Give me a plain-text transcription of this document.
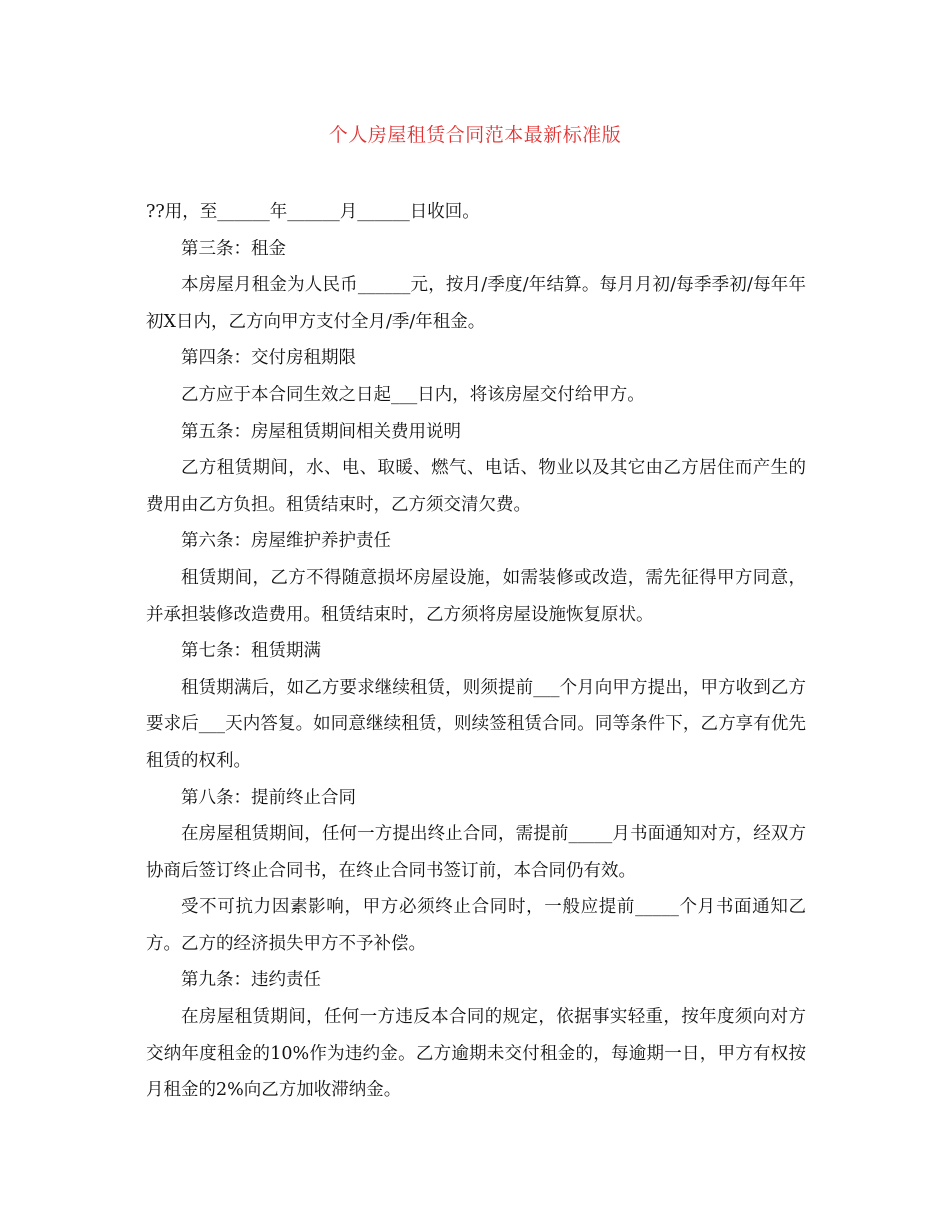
个人房屋租赁合同范本最新标准版

??用，至______年______月______日收回。

第三条：租金

本房屋月租金为人民币______元，按月/季度/年结算。每月月初/每季季初/每年年初X日内，乙方向甲方支付全月/季/年租金。

第四条：交付房租期限

乙方应于本合同生效之日起___日内，将该房屋交付给甲方。

第五条：房屋租赁期间相关费用说明

乙方租赁期间，水、电、取暖、燃气、电话、物业以及其它由乙方居住而产生的费用由乙方负担。租赁结束时，乙方须交清欠费。

第六条：房屋维护养护责任

租赁期间，乙方不得随意损坏房屋设施，如需装修或改造，需先征得甲方同意，并承担装修改造费用。租赁结束时，乙方须将房屋设施恢复原状。

第七条：租赁期满

租赁期满后，如乙方要求继续租赁，则须提前___个月向甲方提出，甲方收到乙方要求后___天内答复。如同意继续租赁，则续签租赁合同。同等条件下，乙方享有优先租赁的权利。

第八条：提前终止合同

在房屋租赁期间，任何一方提出终止合同，需提前_____月书面通知对方，经双方协商后签订终止合同书，在终止合同书签订前，本合同仍有效。

受不可抗力因素影响，甲方必须终止合同时，一般应提前_____个月书面通知乙方。乙方的经济损失甲方不予补偿。

第九条：违约责任

在房屋租赁期间，任何一方违反本合同的规定，依据事实轻重，按年度须向对方交纳年度租金的10%作为违约金。乙方逾期未交付租金的，每逾期一日，甲方有权按月租金的2%向乙方加收滞纳金。
